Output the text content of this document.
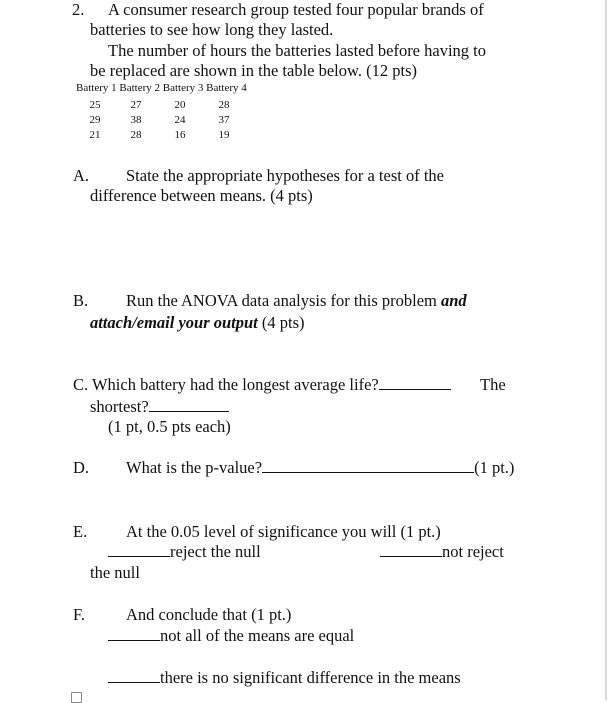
2. A consumer research group tested four popular brands of
batteries to see how long they lasted.
The number of hours the batteries lasted before having to
be replaced are shown in the table below. (12 pts)
Battery 1 Battery 2 Battery 3 Battery 4
25	27	20	28
29	38	24	37
21	28	16	19
A. State the appropriate hypotheses for a test of the
difference between means. (4 pts)
B. Run the ANOVA data analysis for this problem and
attach/email your output (4 pts)
C. Which battery had the longest average life?	The
shortest?
(1 pt, 0.5 pts each)
D. What is the p-value?	(1 pt.)
E. At the 0.05 level of significance you will (1 pt.)
reject the null	not reject
the null
F. And conclude that (1 pt.)
not all of the means are equal
there is no significant difference in the means
